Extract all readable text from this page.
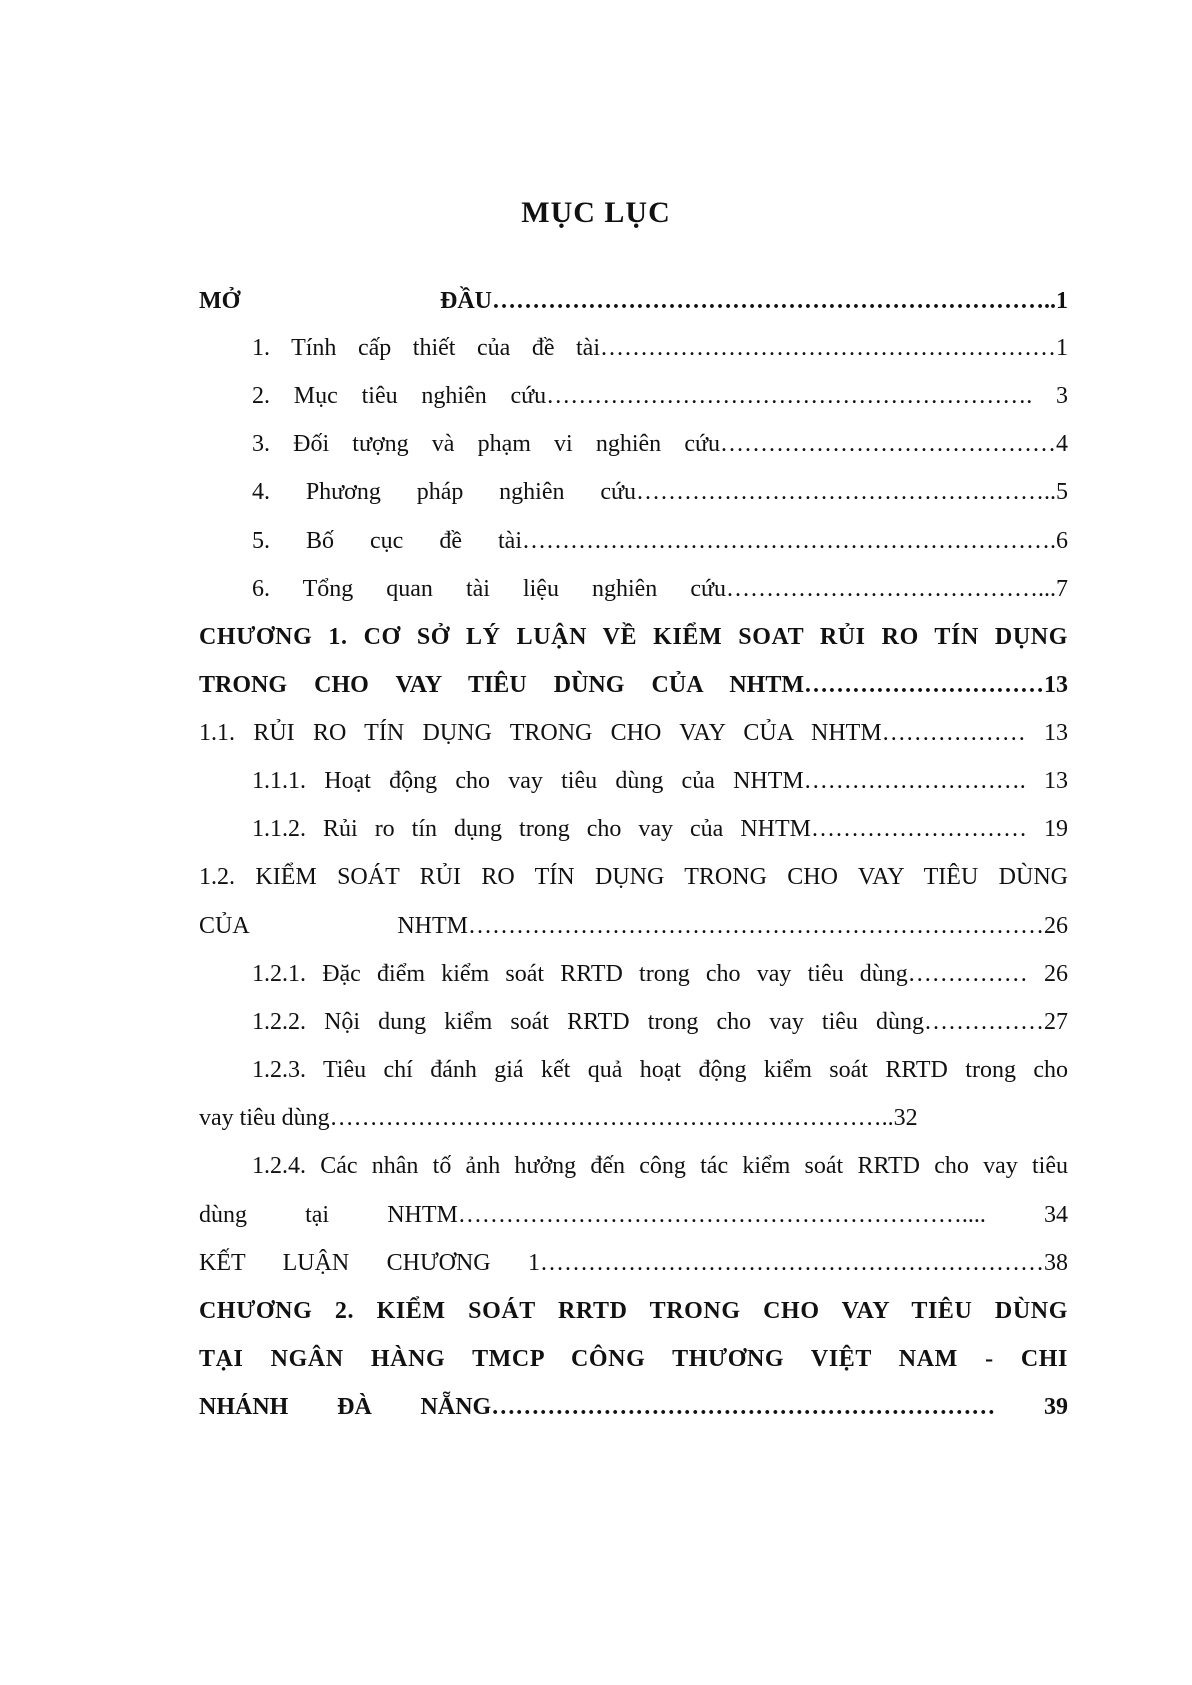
MỤC LỤC
MỞ ĐẦU……………………………………………………………..1
1. Tính cấp thiết của đề tài…………………………………………………1
2. Mục tiêu nghiên cứu……………………………………………………. 3
3. Đối tượng và phạm vi nghiên cứu……………………………………4
4. Phương pháp nghiên cứu……………………………………………..5
5. Bố cục đề tài………………………………………………………….6
6. Tổng quan tài liệu nghiên cứu…………………………………...7
CHƯƠNG 1. CƠ SỞ LÝ LUẬN VỀ KIỂM SOAT RỦI RO TÍN DỤNG
TRONG CHO VAY TIÊU DÙNG CỦA NHTM…………………………13
1.1. RỦI RO TÍN DỤNG TRONG CHO VAY CỦA NHTM……………… 13
1.1.1. Hoạt động cho vay tiêu dùng của NHTM………………………. 13
1.1.2. Rủi ro tín dụng trong cho vay của NHTM……………………… 19
1.2. KIỂM SOÁT RỦI RO TÍN DỤNG TRONG CHO VAY TIÊU DÙNG
CỦA NHTM………………………………………………………………26
1.2.1. Đặc điểm kiểm soát RRTD trong cho vay tiêu dùng…………… 26
1.2.2. Nội dung kiểm soát RRTD trong cho vay tiêu dùng……………27
1.2.3. Tiêu chí đánh giá kết quả hoạt động kiểm soát RRTD trong cho
vay tiêu dùng……………………………………………………………..32
1.2.4. Các nhân tố ảnh hưởng đến công tác kiểm soát RRTD cho vay tiêu
dùng tại NHTM……………………………………………………….... 34
KẾT LUẬN CHƯƠNG 1………………………………………………………38
CHƯƠNG 2. KIỂM SOÁT RRTD TRONG CHO VAY TIÊU DÙNG
TẠI NGÂN HÀNG TMCP CÔNG THƯƠNG VIỆT NAM - CHI
NHÁNH ĐÀ NẴNG……………………………………………………… 39
